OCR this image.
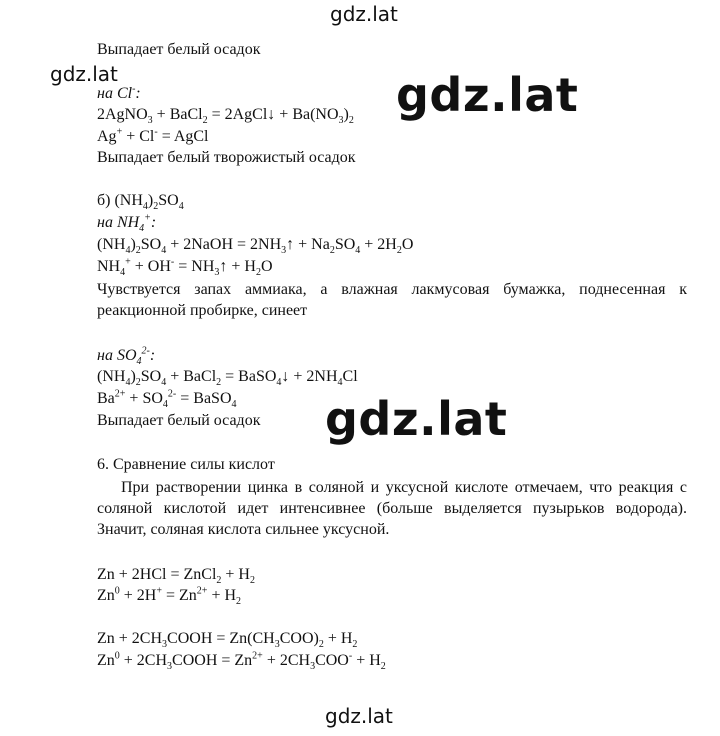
gdz.lat
Выпадает белый осадок
gdz.lat
на Cl-:
2AgNO$_3$ + BaCl$_2$ = 2AgCl↓ + $Ba(NO_3)_2$
Ag+ + Cl- = AgCl
gdz.lat
Выпадает белый творожистый осадок
б) $(NH_4)_2SO_4$
на $NH_4^+$:
$(NH_4)_2SO_4$ + 2NaOH = $2NH_3↑ + Na_2SO_4 + 2H_2O$
$NH_4^+ + OH^-$ = $NH_3↑ + H_2O$
Чувствуется запах аммиака, а влажная лакмусовая бумажка, поднесенная к реакционной пробирке, синеет
на $SO_4^{2-}$:
$(NH_4)_2SO_4$ + BaCl$_2$ = BaSO$_4$↓ + $2NH_4Cl$
$Ba^{2+} + SO_4^{2-}$ = BaSO$_4$
Выпадает белый осадок gdz.lat
6. Сравнение силы кислот
При растворении цинка в соляной и уксусной кислоте отмечаем, что реакция с соляной кислотой идет интенсивнее (больше выделяется пузырьков водорода). Значит, соляная кислота сильнее уксусной.
Zn + 2HCl = ZnCl$_2$ + $H_2$
$Zn^0 + 2H^+ = Zn^{2+} + H_2$
$Zn + 2CH_3COOH = Zn(CH_3COO)_2 + H_2$
$Zn^0$ + $2CH_3COOH = Zn^{2+} + 2CH_3COO^- + H_2$
gdz.lat
